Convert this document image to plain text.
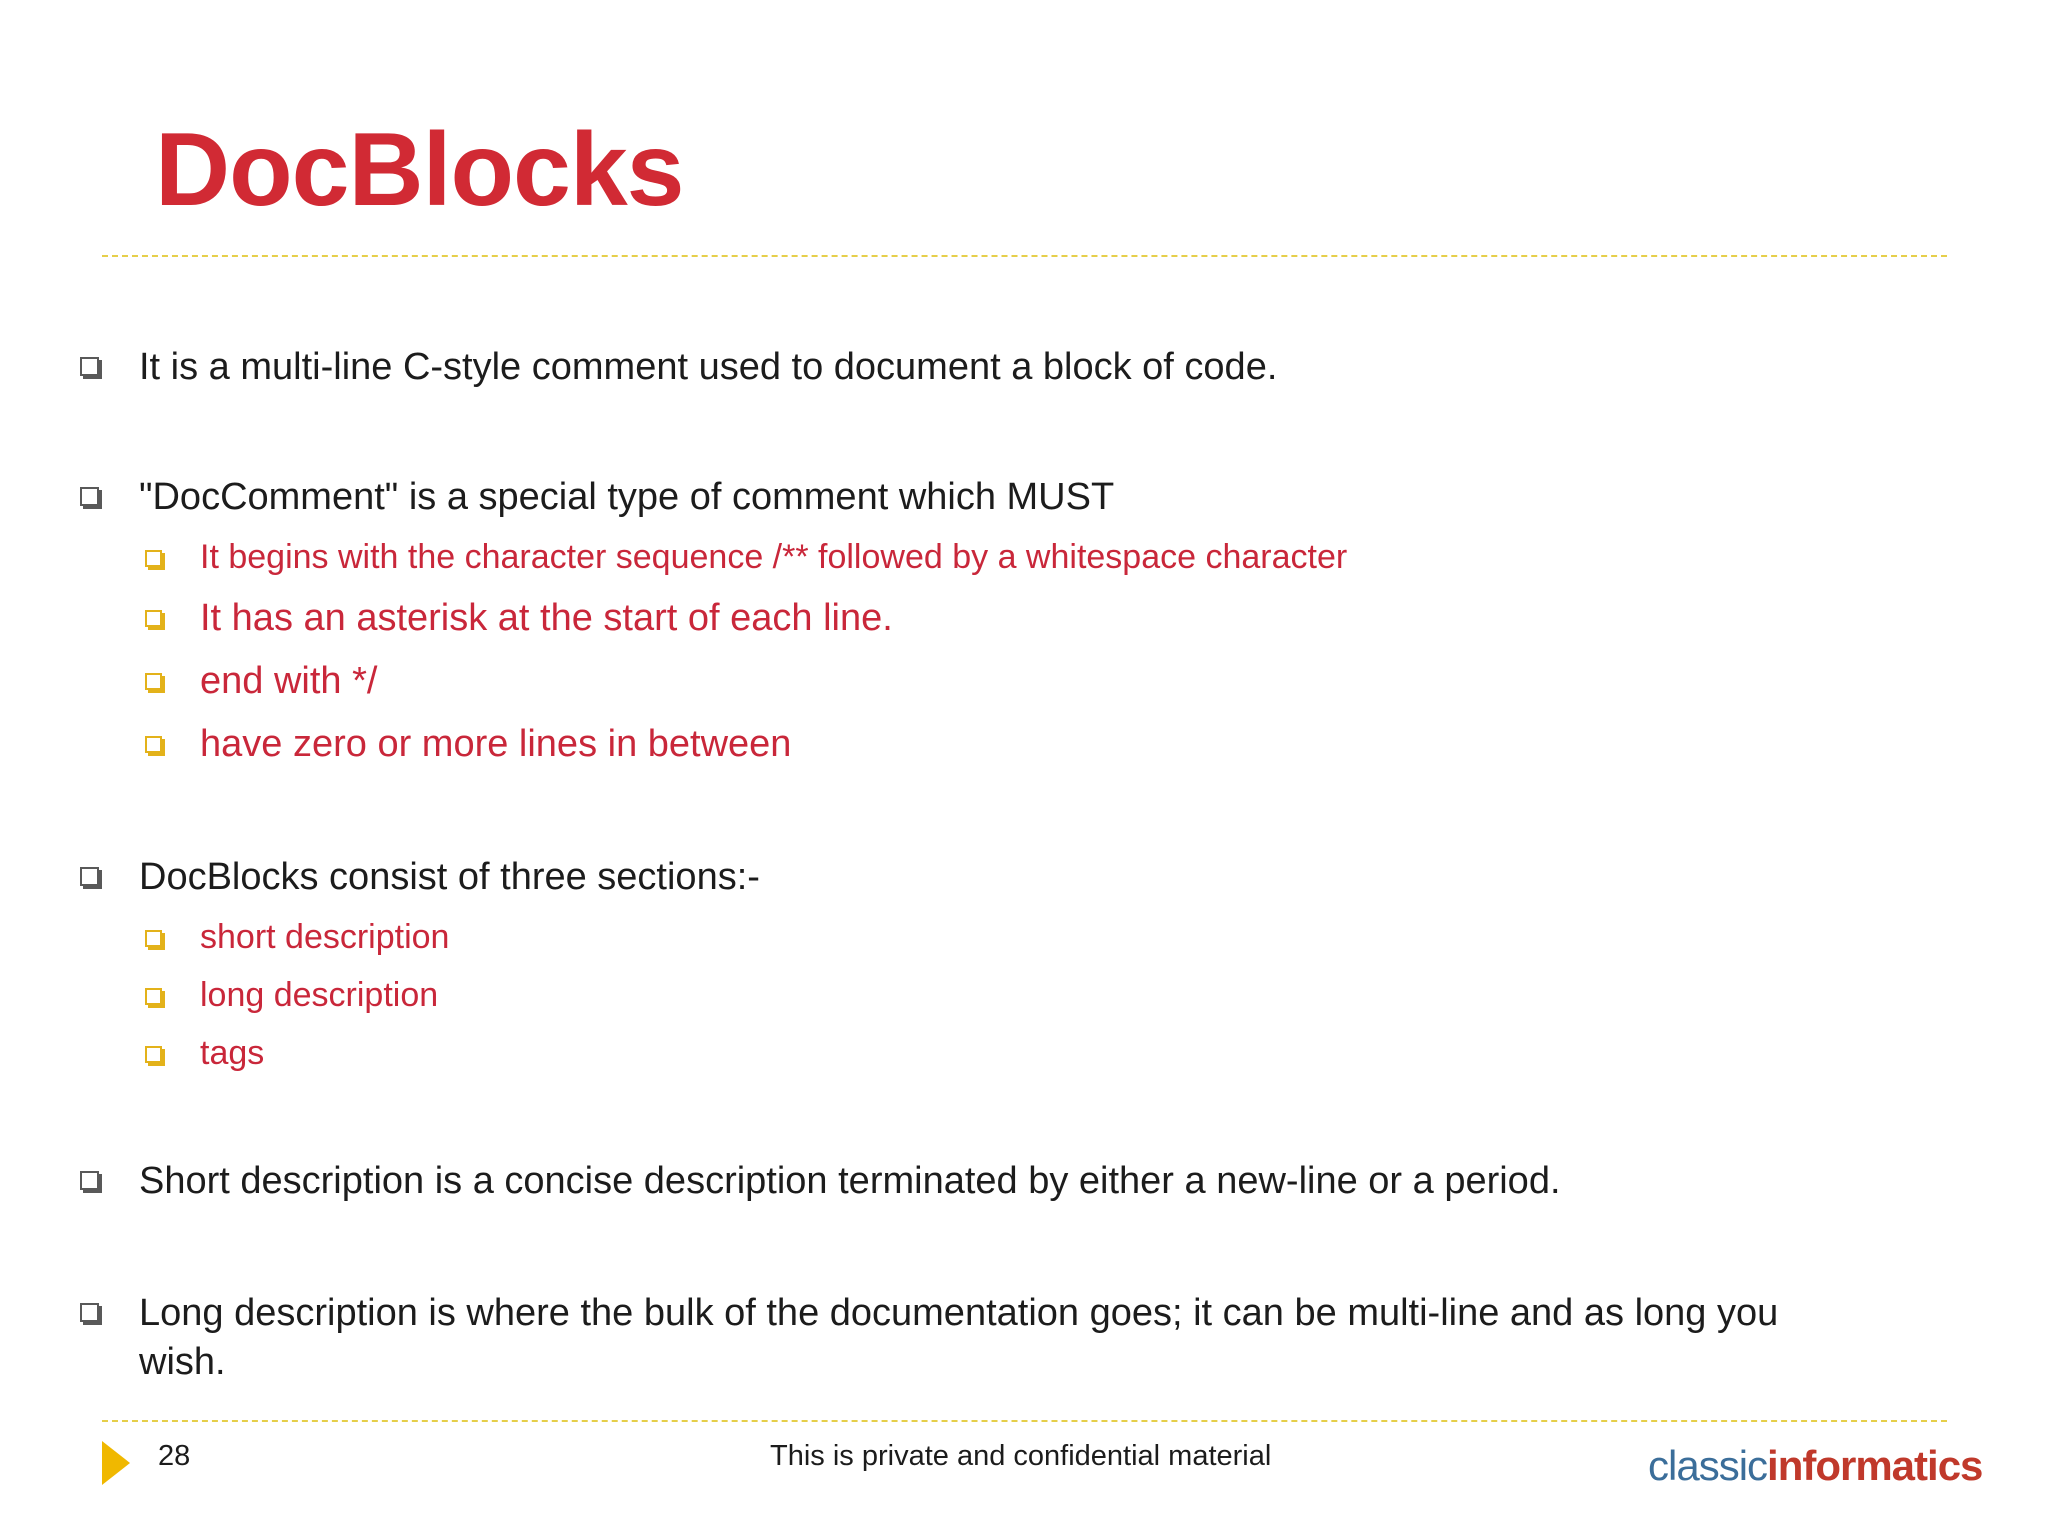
DocBlocks
It is a multi-line C-style comment used to document a block of code.
"DocComment" is a special type of comment which MUST
It begins with the character sequence /** followed by a whitespace character
It has an asterisk at the start of each line.
end with */
have zero or more lines in between
DocBlocks consist of three sections:-
short description
long description
tags
Short description is a concise description terminated by either a new-line or a period.
Long description is where the bulk of the documentation goes; it can be multi-line and as long you wish.
28	This is private and confidential material	classicinformatics
